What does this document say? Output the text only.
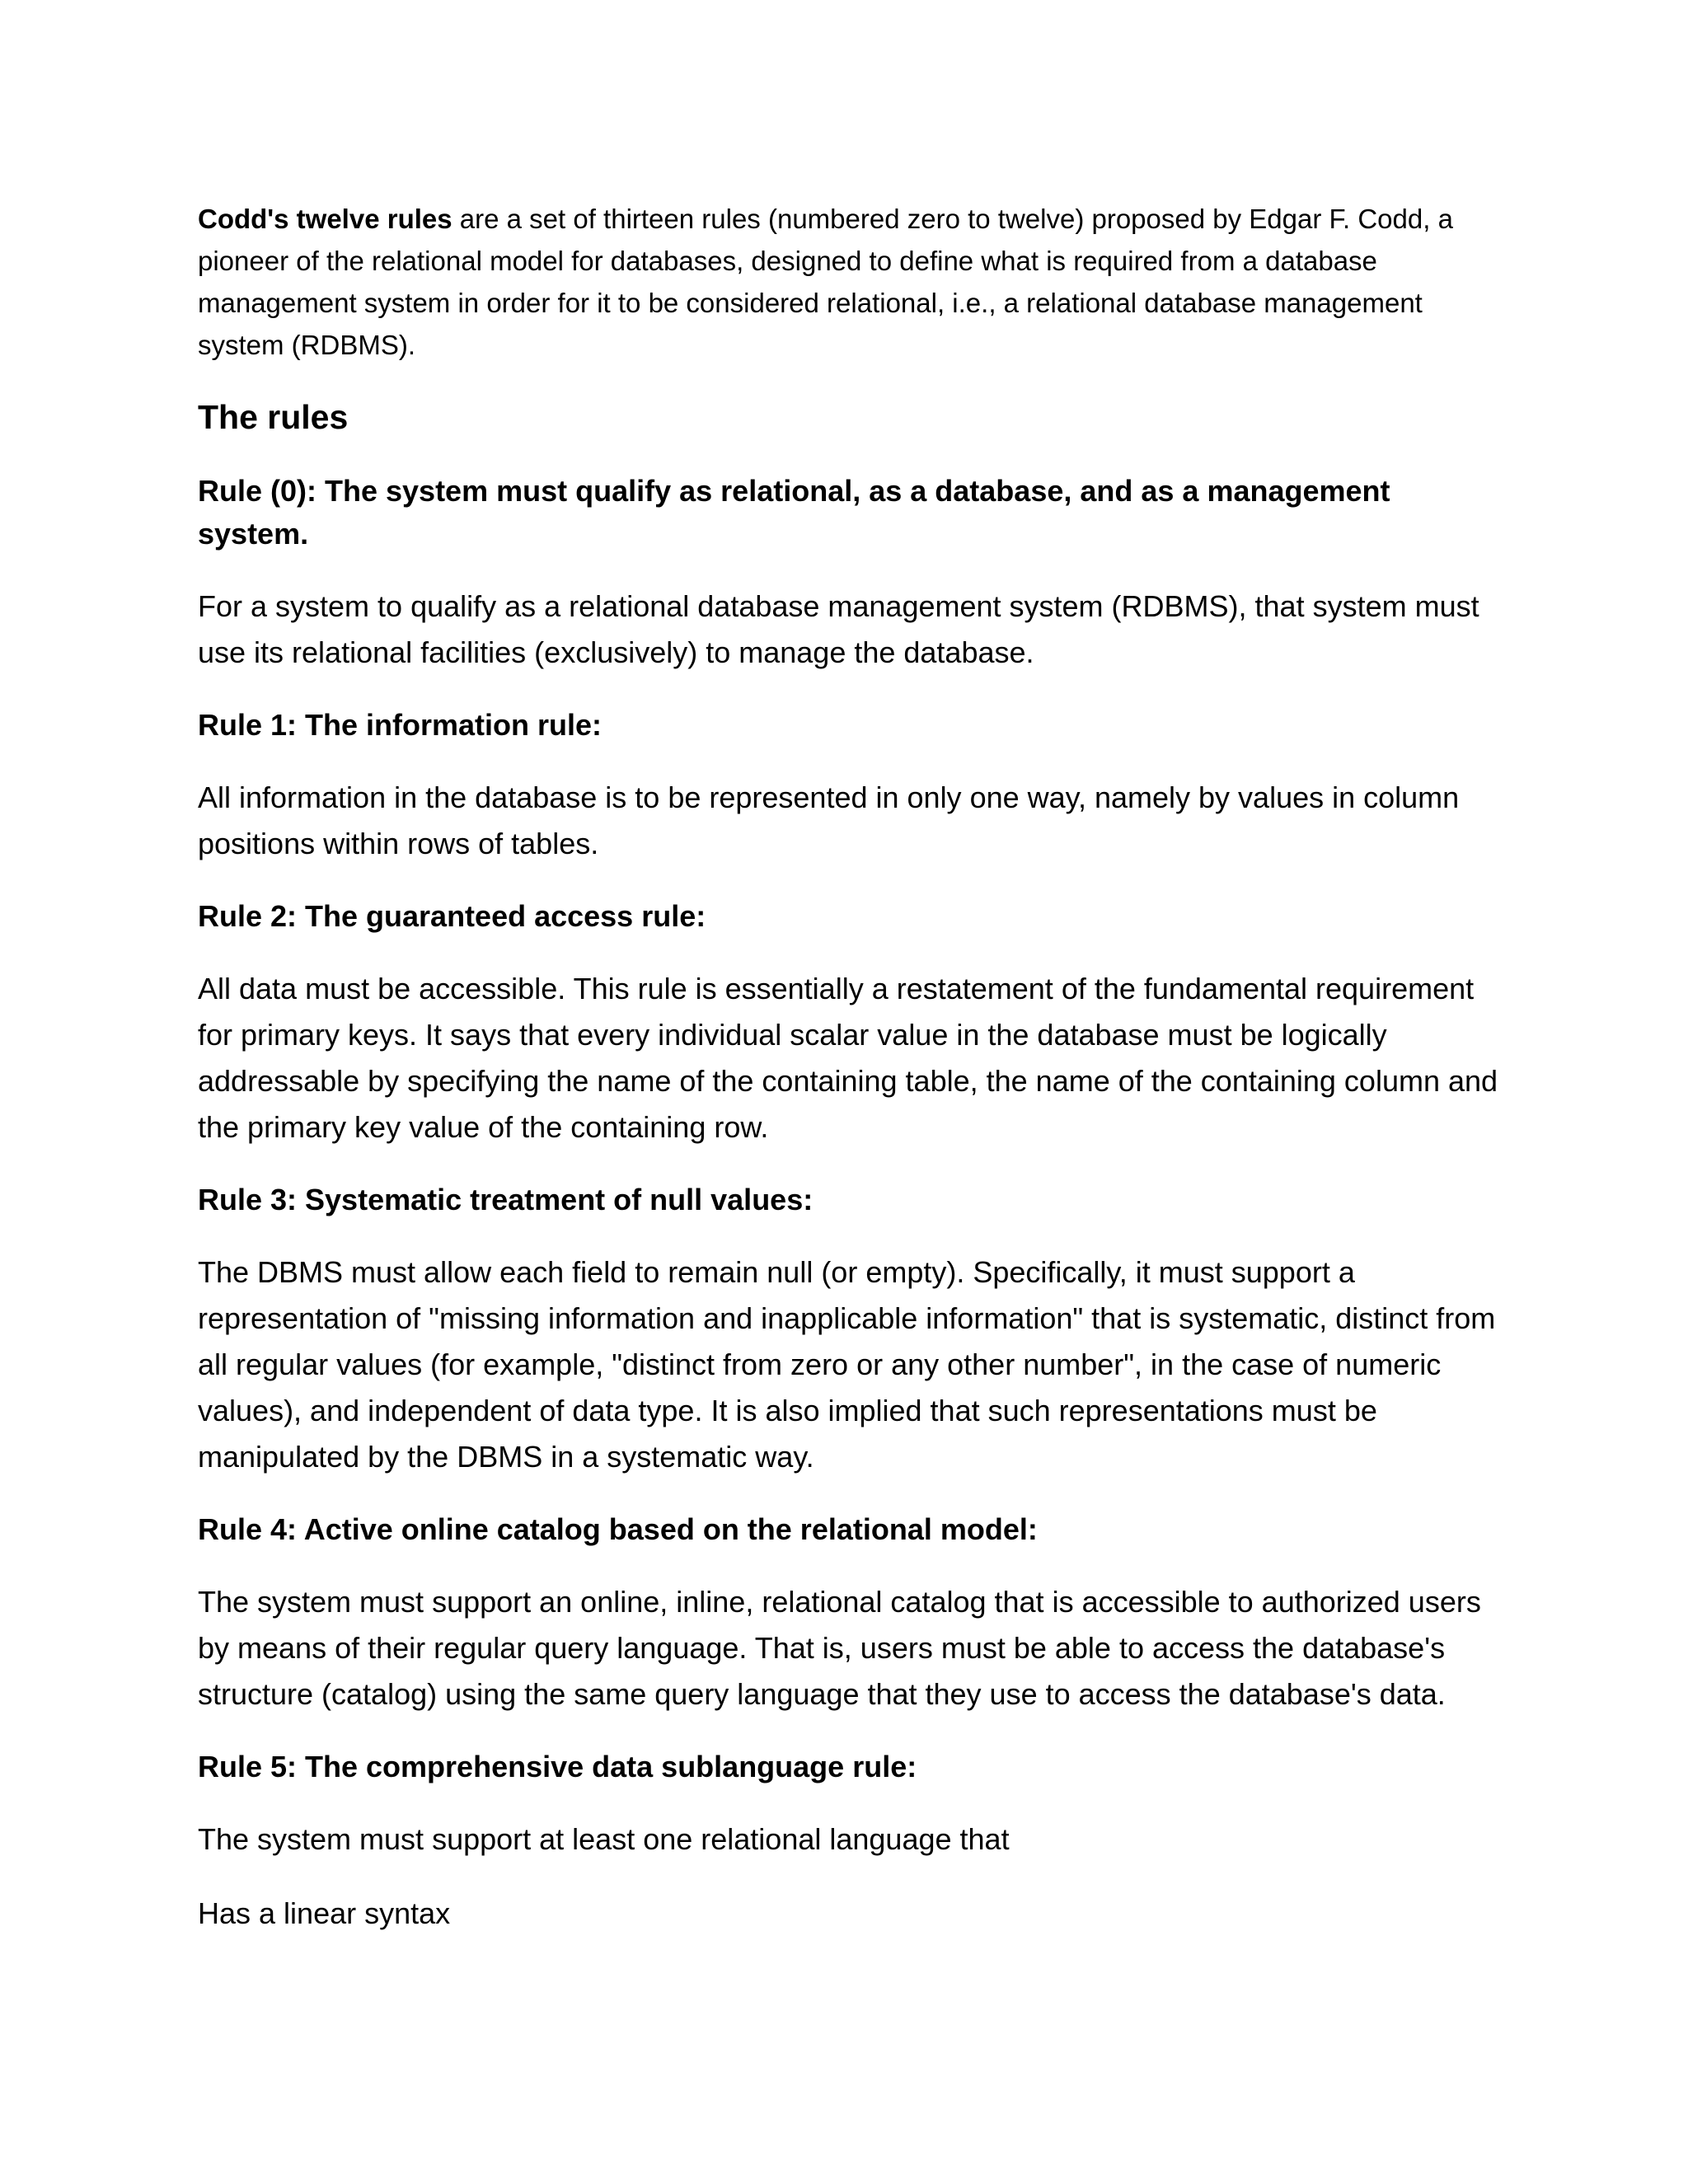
Codd's twelve rules are a set of thirteen rules (numbered zero to twelve) proposed by Edgar F. Codd, a pioneer of the relational model for databases, designed to define what is required from a database management system in order for it to be considered relational, i.e., a relational database management system (RDBMS).

The rules

Rule (0): The system must qualify as relational, as a database, and as a management system.

For a system to qualify as a relational database management system (RDBMS), that system must use its relational facilities (exclusively) to manage the database.

Rule 1: The information rule:

All information in the database is to be represented in only one way, namely by values in column positions within rows of tables.

Rule 2: The guaranteed access rule:

All data must be accessible. This rule is essentially a restatement of the fundamental requirement for primary keys. It says that every individual scalar value in the database must be logically addressable by specifying the name of the containing table, the name of the containing column and the primary key value of the containing row.

Rule 3: Systematic treatment of null values:

The DBMS must allow each field to remain null (or empty). Specifically, it must support a representation of "missing information and inapplicable information" that is systematic, distinct from all regular values (for example, "distinct from zero or any other number", in the case of numeric values), and independent of data type. It is also implied that such representations must be manipulated by the DBMS in a systematic way.

Rule 4: Active online catalog based on the relational model:

The system must support an online, inline, relational catalog that is accessible to authorized users by means of their regular query language. That is, users must be able to access the database's structure (catalog) using the same query language that they use to access the database's data.

Rule 5: The comprehensive data sublanguage rule:

The system must support at least one relational language that

Has a linear syntax
